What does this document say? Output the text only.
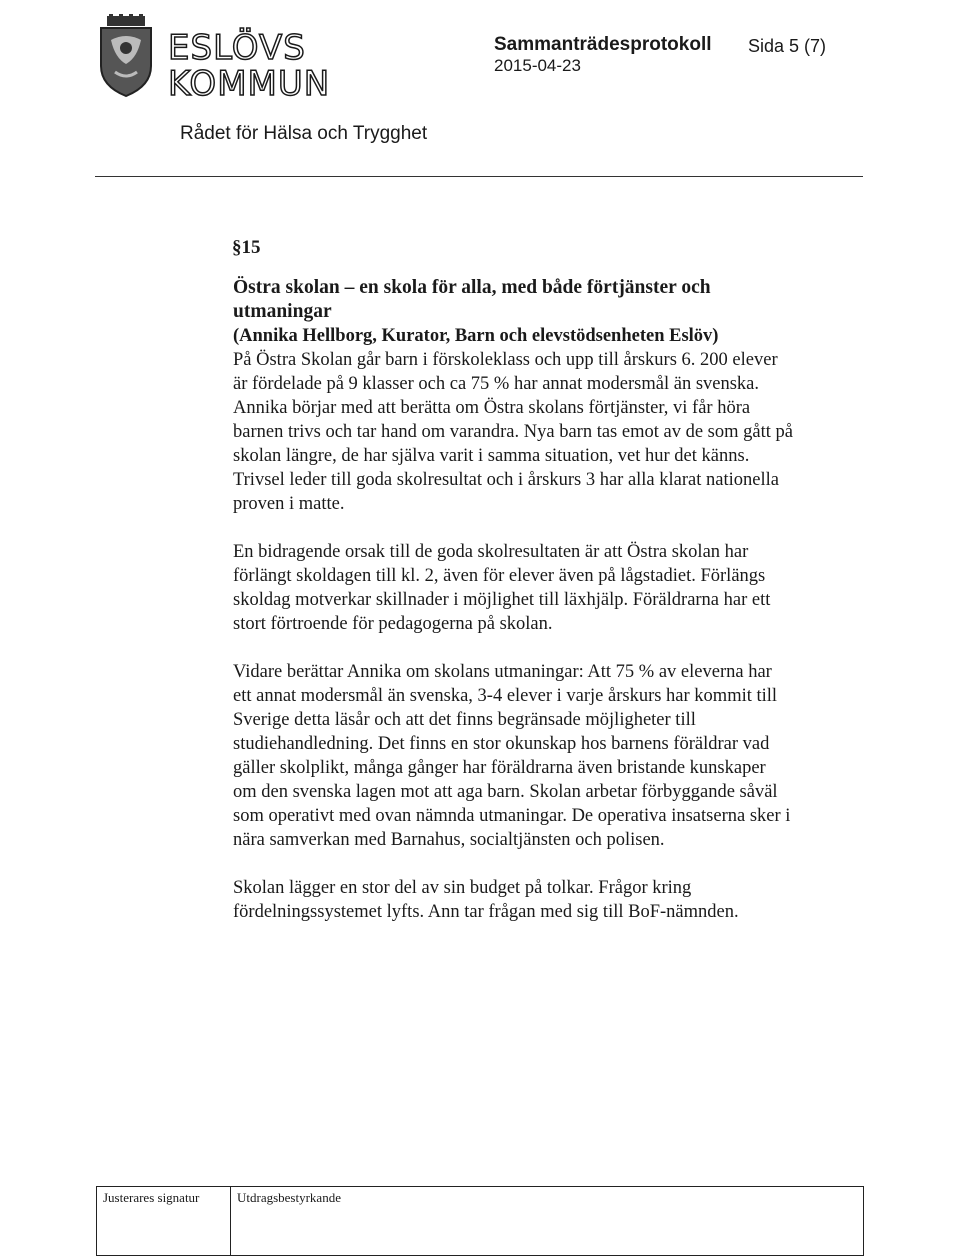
ESLÖVS
KOMMUN
Sammanträdesprotokoll
2015-04-23
Sida 5 (7)
Rådet för Hälsa och Trygghet
§15

Östra skolan – en skola för alla, med både förtjänster och utmaningar

(Annika Hellborg, Kurator, Barn och elevstödsenheten Eslöv)

På Östra Skolan går barn i förskoleklass och upp till årskurs 6. 200 elever är fördelade på 9 klasser och ca 75 % har annat modersmål än svenska. Annika börjar med att berätta om Östra skolans förtjänster, vi får höra barnen trivs och tar hand om varandra. Nya barn tas emot av de som gått på skolan längre, de har själva varit i samma situation, vet hur det känns. Trivsel leder till goda skolresultat och i årskurs 3 har alla klarat nationella proven i matte.

En bidragende orsak till de goda skolresultaten är att Östra skolan har förlängt skoldagen till kl. 2, även för elever även på lågstadiet. Förlängs skoldag motverkar skillnader i möjlighet till läxhjälp. Föräldrarna har ett stort förtroende för pedagogerna på skolan.

Vidare berättar Annika om skolans utmaningar: Att 75 % av eleverna har ett annat modersmål än svenska, 3-4 elever i varje årskurs har kommit till Sverige detta läsår och att det finns begränsade möjligheter till studiehandledning. Det finns en stor okunskap hos barnens föräldrar vad gäller skolplikt, många gånger har föräldrarna även bristande kunskaper om den svenska lagen mot att aga barn. Skolan arbetar förbyggande såväl som operativt med ovan nämnda utmaningar. De operativa insatserna sker i nära samverkan med Barnahus, socialtjänsten och polisen.

Skolan lägger en stor del av sin budget på tolkar. Frågor kring fördelningssystemet lyfts. Ann tar frågan med sig till BoF-nämnden.

Justerares signatur	Utdragsbestyrkande
